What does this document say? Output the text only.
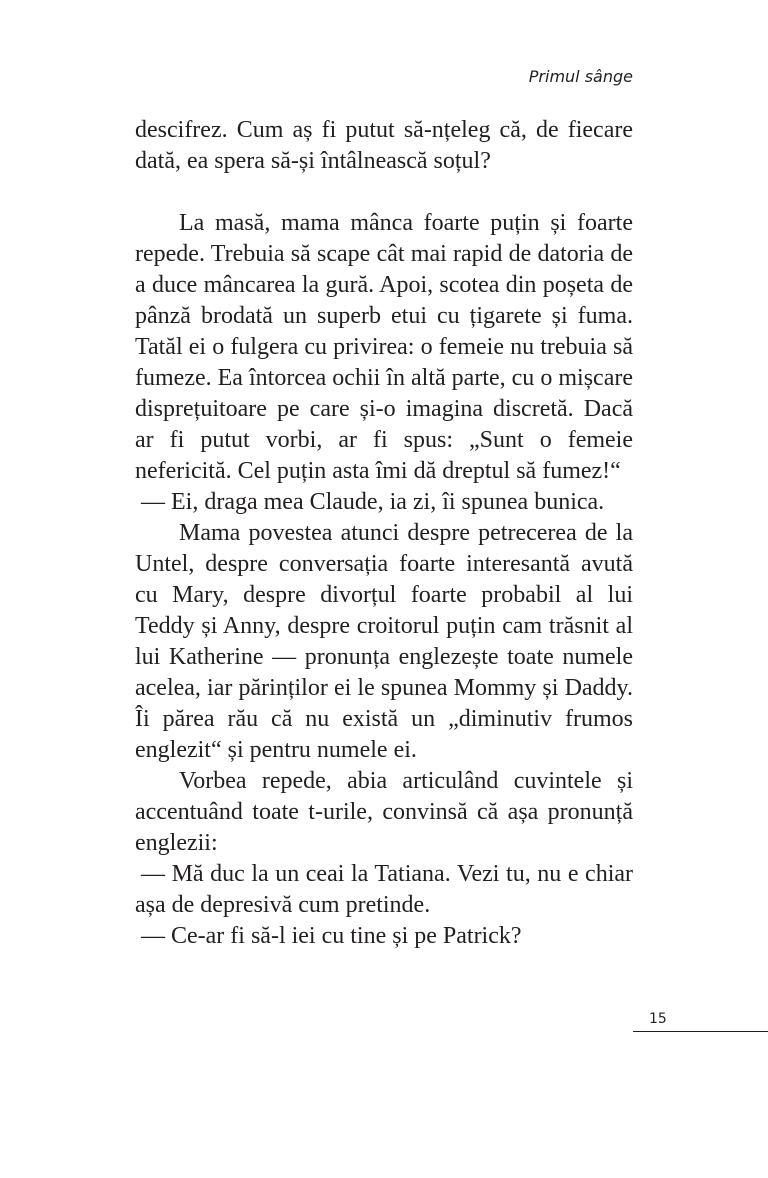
Primul sânge

descifrez. Cum aș fi putut să-nțeleg că, de fiecare dată, ea spera să-și întâlnească soțul?

La masă, mama mânca foarte puțin și foarte repede. Trebuia să scape cât mai rapid de datoria de a duce mâncarea la gură. Apoi, scotea din poșeta de pânză brodată un superb etui cu țigarete și fuma. Tatăl ei o fulgera cu privirea: o femeie nu trebuia să fumeze. Ea întorcea ochii în altă parte, cu o mișcare disprețuitoare pe care și-o imagina discretă. Dacă ar fi putut vorbi, ar fi spus: „Sunt o femeie nefericită. Cel puțin asta îmi dă dreptul să fumez!“

— Ei, draga mea Claude, ia zi, îi spunea bunica.

Mama povestea atunci despre petrecerea de la Untel, despre conversația foarte interesantă avută cu Mary, despre divorțul foarte probabil al lui Teddy și Anny, despre croitorul puțin cam trăsnit al lui Katherine — pronunța englezește toate numele acelea, iar părinților ei le spunea Mommy și Daddy. Îi părea rău că nu există un „diminutiv frumos englezit“ și pentru numele ei.

Vorbea repede, abia articulând cuvintele și accentuând toate t-urile, convinsă că așa pronunță englezii:

— Mă duc la un ceai la Tatiana. Vezi tu, nu e chiar așa de depresivă cum pretinde.

— Ce-ar fi să-l iei cu tine și pe Patrick?

15
